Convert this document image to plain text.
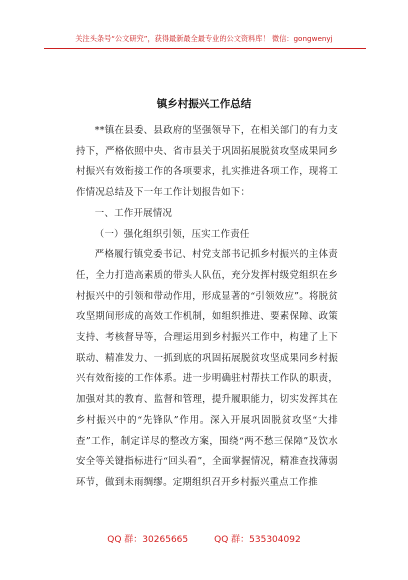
关注头条号“公文研究”，获得最新最全最专业的公文资料库！ 微信：gongwenyj
镇乡村振兴工作总结

**镇在县委、县政府的坚强领导下，在相关部门的有力支持下，严格依照中央、省市县关于巩固拓展脱贫攻坚成果同乡村振兴有效衔接工作的各项要求，扎实推进各项工作，现将工作情况总结及下一年工作计划报告如下：

一、工作开展情况

（一）强化组织引领，压实工作责任

严格履行镇党委书记、村党支部书记抓乡村振兴的主体责任，全力打造高素质的带头人队伍，充分发挥村级党组织在乡村振兴中的引领和带动作用，形成显著的“引领效应”。将脱贫攻坚期间形成的高效工作机制，如组织推进、要素保障、政策支持、考核督导等，合理运用到乡村振兴工作中，构建了上下联动、精准发力、一抓到底的巩固拓展脱贫攻坚成果同乡村振兴有效衔接的工作体系。进一步明确驻村帮扶工作队的职责，加强对其的教育、监督和管理，提升履职能力，切实发挥其在乡村振兴中的“先锋队”作用。深入开展巩固脱贫攻坚“大排查”工作，制定详尽的整改方案，围绕“两不愁三保障”及饮水安全等关键指标进行“回头看”，全面掌握情况，精准查找薄弱环节，做到未雨绸缪。定期组织召开乡村振兴重点工作推

QQ 群：30265665	QQ 群：535304092
